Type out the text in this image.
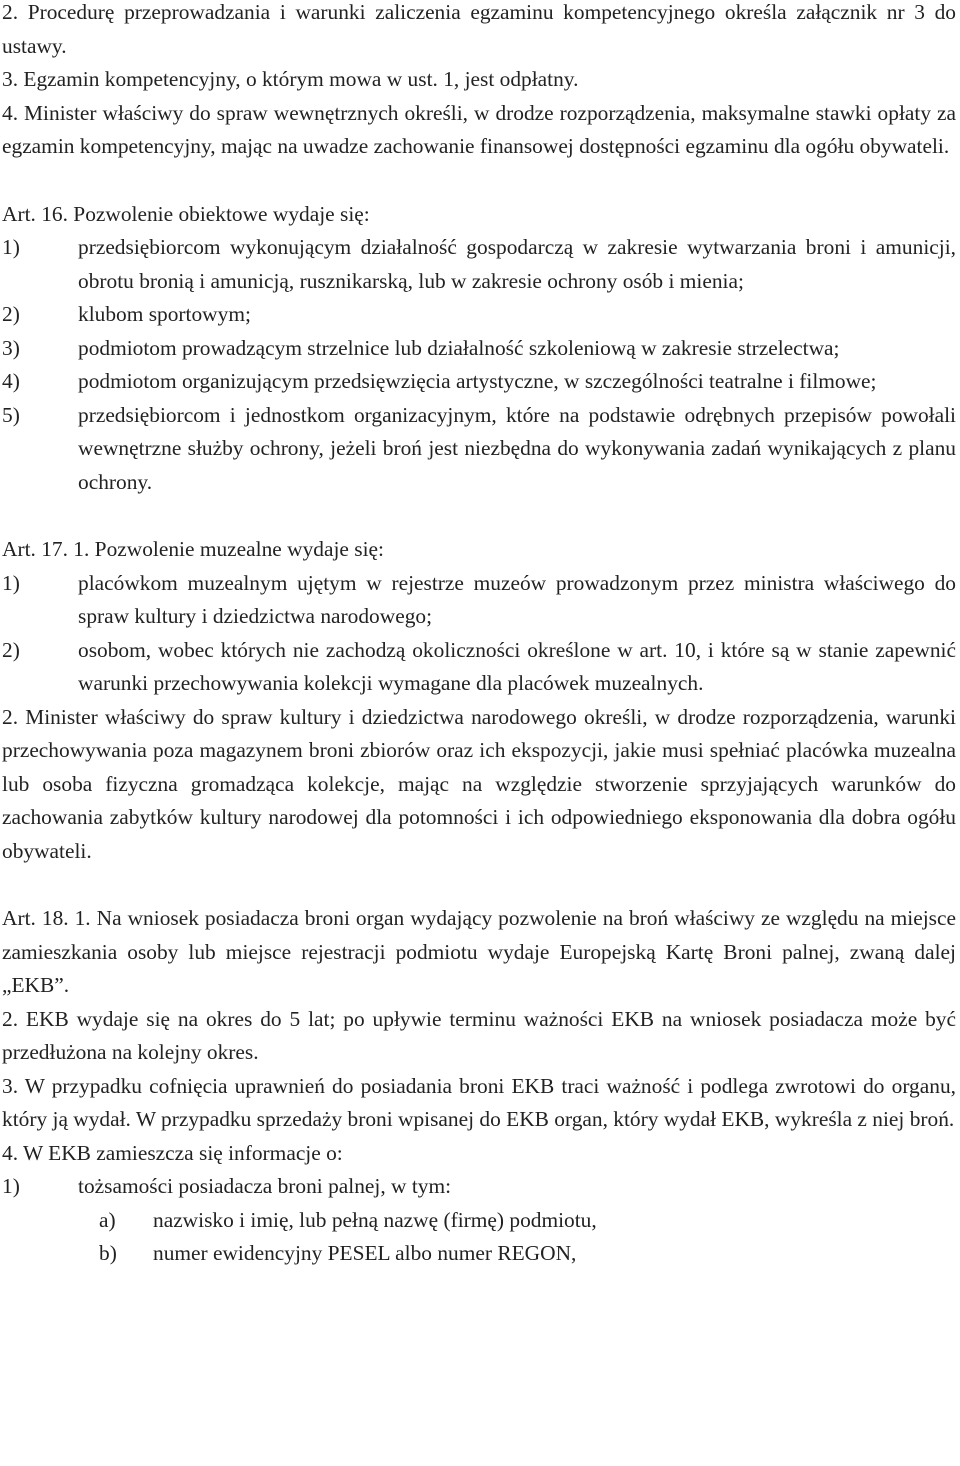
2. Procedurę przeprowadzania i warunki zaliczenia egzaminu kompetencyjnego określa załącznik nr 3 do ustawy.

3. Egzamin kompetencyjny, o którym mowa w ust. 1, jest odpłatny.

4. Minister właściwy do spraw wewnętrznych określi, w drodze rozporządzenia, maksymalne stawki opłaty za egzamin kompetencyjny, mając na uwadze zachowanie finansowej dostępności egzaminu dla ogółu obywateli.

Art. 16. Pozwolenie obiektowe wydaje się:

1)	przedsiębiorcom wykonującym działalność gospodarczą w zakresie wytwarzania broni i amunicji, obrotu bronią i amunicją, rusznikarską, lub w zakresie ochrony osób i mienia;

2)	klubom sportowym;

3)	podmiotom prowadzącym strzelnice lub działalność szkoleniową w zakresie strzelectwa;

4)	podmiotom organizującym przedsięwzięcia artystyczne, w szczególności teatralne i filmowe;

5)	przedsiębiorcom i jednostkom organizacyjnym, które na podstawie odrębnych przepisów powołali wewnętrzne służby ochrony, jeżeli broń jest niezbędna do wykonywania zadań wynikających z planu ochrony.

Art. 17. 1. Pozwolenie muzealne wydaje się:

1)	placówkom muzealnym ujętym w rejestrze muzeów prowadzonym przez ministra właściwego do spraw kultury i dziedzictwa narodowego;

2)	osobom, wobec których nie zachodzą okoliczności określone w art. 10, i które są w stanie zapewnić warunki przechowywania kolekcji wymagane dla placówek muzealnych.

2. Minister właściwy do spraw kultury i dziedzictwa narodowego określi, w drodze rozporządzenia, warunki przechowywania poza magazynem broni zbiorów oraz ich ekspozycji, jakie musi spełniać placówka muzealna lub osoba fizyczna gromadząca kolekcje, mając na względzie stworzenie sprzyjających warunków do zachowania zabytków kultury narodowej dla potomności i ich odpowiedniego eksponowania dla dobra ogółu obywateli.

Art. 18. 1. Na wniosek posiadacza broni organ wydający pozwolenie na broń właściwy ze względu na miejsce zamieszkania osoby lub miejsce rejestracji podmiotu wydaje Europejską Kartę Broni palnej, zwaną dalej „EKB”.

2. EKB wydaje się na okres do 5 lat; po upływie terminu ważności EKB na wniosek posiadacza może być przedłużona na kolejny okres.

3. W przypadku cofnięcia uprawnień do posiadania broni EKB traci ważność i podlega zwrotowi do organu, który ją wydał. W przypadku sprzedaży broni wpisanej do EKB organ, który wydał EKB, wykreśla z niej broń.

4. W EKB zamieszcza się informacje o:

1)	tożsamości posiadacza broni palnej, w tym:

a) nazwisko i imię, lub pełną nazwę (firmę) podmiotu,

b) numer ewidencyjny PESEL albo numer REGON,
